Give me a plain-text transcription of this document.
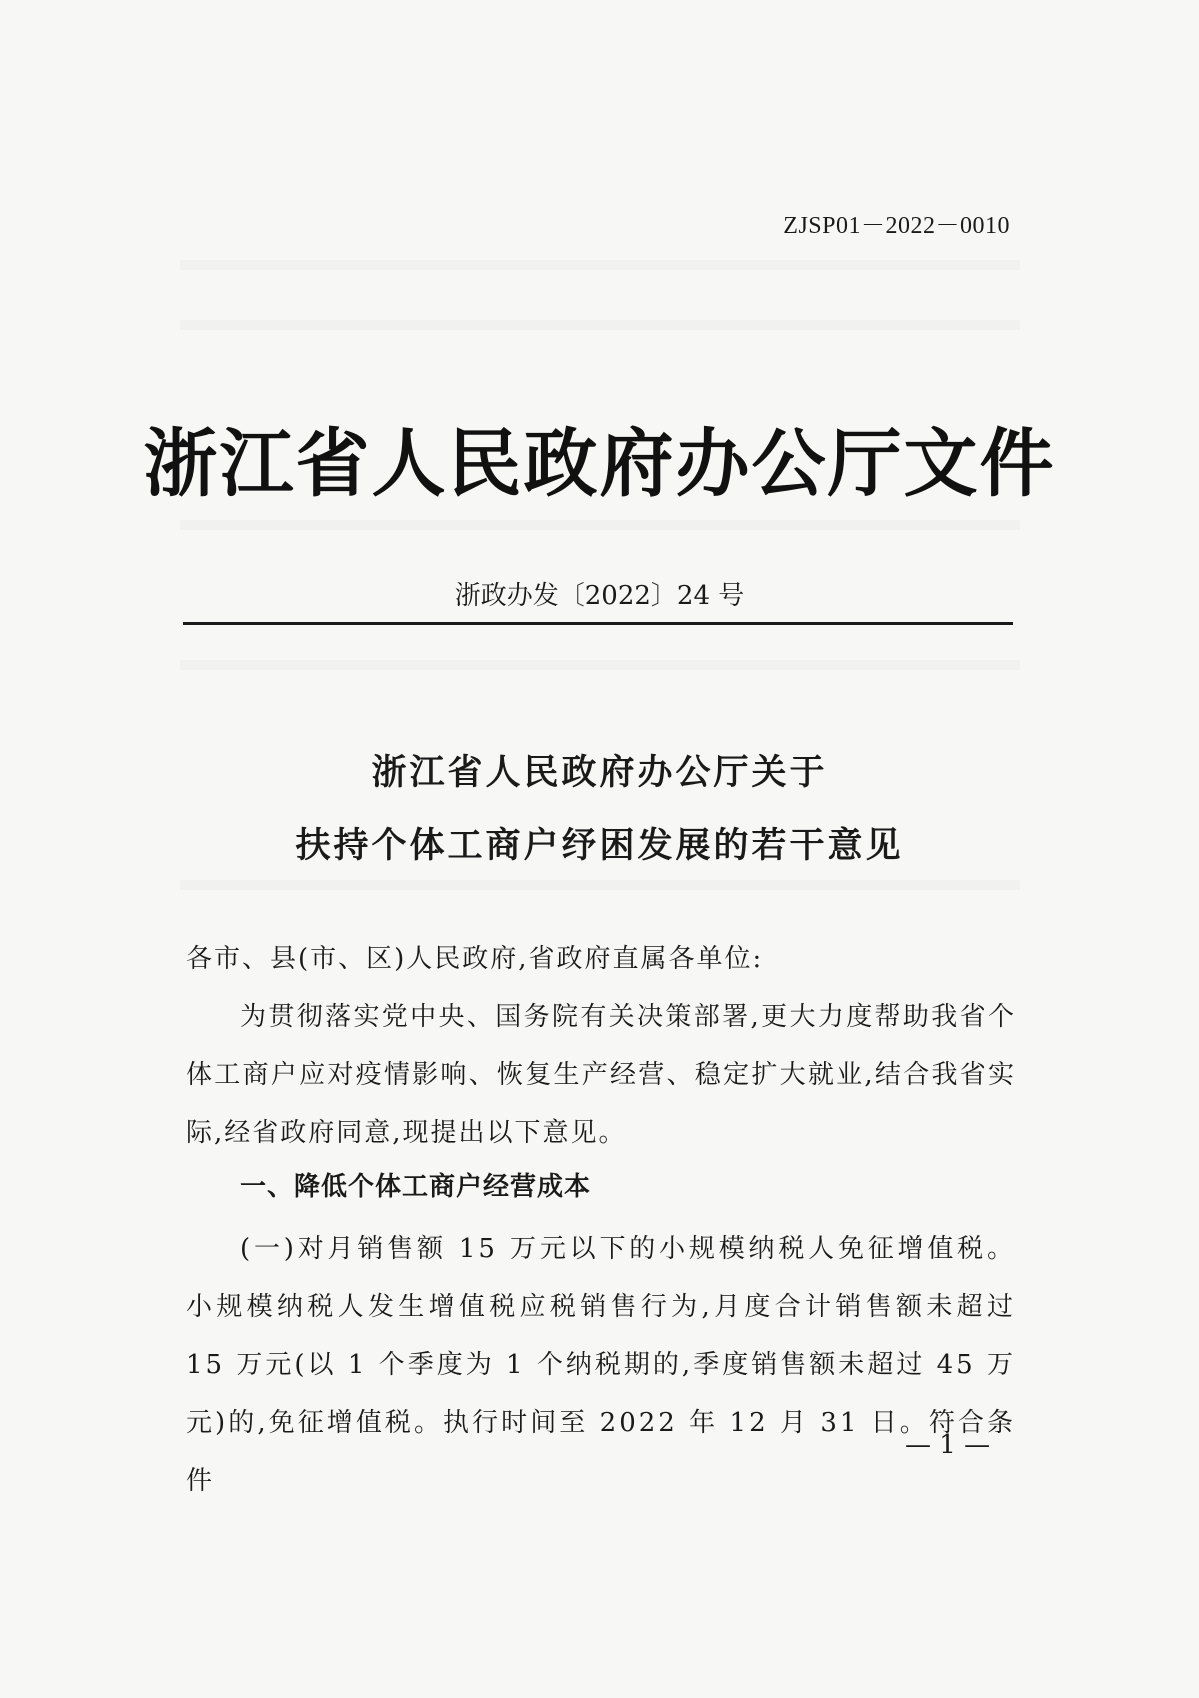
ZJSP01－2022－0010
浙江省人民政府办公厅文件
浙政办发〔2022〕24 号
浙江省人民政府办公厅关于
扶持个体工商户纾困发展的若干意见
各市、县(市、区)人民政府,省政府直属各单位:
为贯彻落实党中央、国务院有关决策部署,更大力度帮助我省个体工商户应对疫情影响、恢复生产经营、稳定扩大就业,结合我省实际,经省政府同意,现提出以下意见。
一、降低个体工商户经营成本
(一)对月销售额 15 万元以下的小规模纳税人免征增值税。小规模纳税人发生增值税应税销售行为,月度合计销售额未超过 15 万元(以 1 个季度为 1 个纳税期的,季度销售额未超过 45 万元)的,免征增值税。执行时间至 2022 年 12 月 31 日。符合条件
— 1 —
